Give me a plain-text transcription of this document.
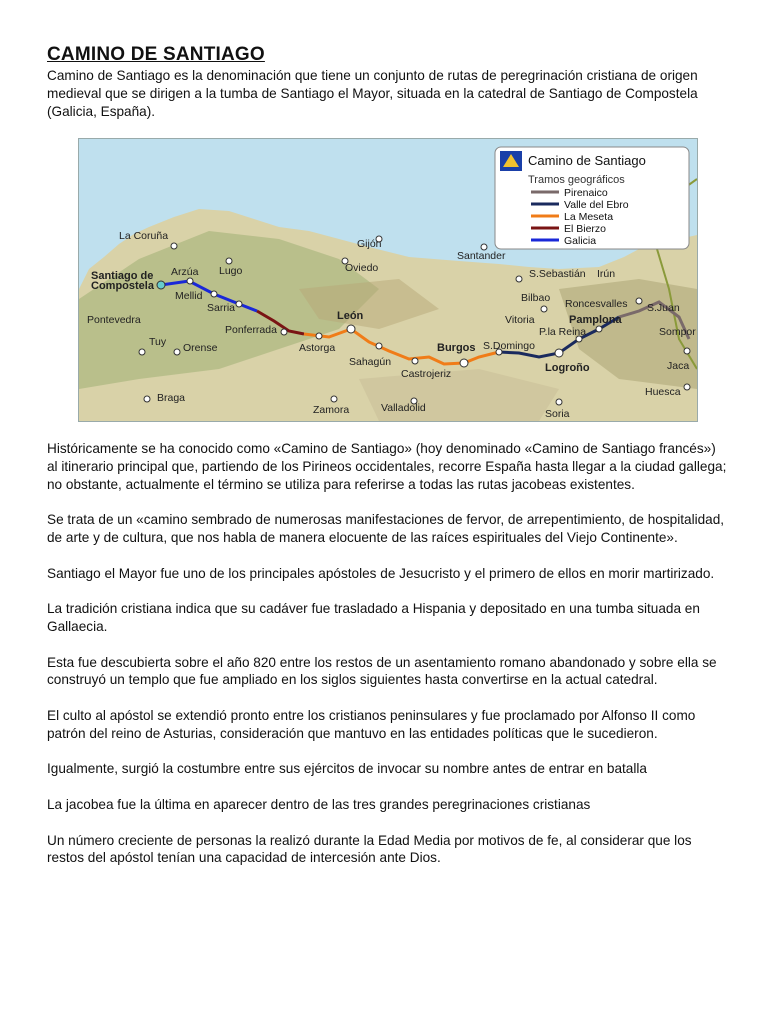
CAMINO DE SANTIAGO

Camino de Santiago es la denominación que tiene un conjunto de rutas de peregrinación cristiana de origen medieval que se dirigen a la tumba de Santiago el Mayor, situada en la catedral de Santiago de Compostela (Galicia, España).

Camino de Santiago
Tramos geográficos
Pirenaico
Valle del Ebro
La Meseta
El Bierzo
Galicia
La Coruña
Gijón
Santander
S.Sebastián Irún
Santiago de
Compostela
Arzúa Lugo	Oviedo
Bilbao Roncesvalles S.Juan
Mellid
Sarria
Pontevedra
Ponferrada
León	Vitoria	Pamplona
P.la Reina	Sompor
Tuy Orense	Astorga	Burgos S.Domingo
Logroño	Jaca
Sahagún
Castrojeriz
Huesca
Braga
Zamora	Valladolid	Soria

Históricamente se ha conocido como «Camino de Santiago» (hoy denominado «Camino de Santiago francés») al itinerario principal que, partiendo de los Pirineos occidentales, recorre España hasta llegar a la ciudad gallega; no obstante, actualmente el término se utiliza para referirse a todas las rutas jacobeas existentes.

Se trata de un «camino sembrado de numerosas manifestaciones de fervor, de arrepentimiento, de hospitalidad, de arte y de cultura, que nos habla de manera elocuente de las raíces espirituales del Viejo Continente».

Santiago el Mayor fue uno de los principales apóstoles de Jesucristo y el primero de ellos en morir martirizado.

La tradición cristiana indica que su cadáver fue trasladado a Hispania y depositado en una tumba situada en Gallaecia.

Esta fue descubierta sobre el año 820 entre los restos de un asentamiento romano abandonado y sobre ella se construyó un templo que fue ampliado en los siglos siguientes hasta convertirse en la actual catedral.

El culto al apóstol se extendió pronto entre los cristianos peninsulares y fue proclamado por Alfonso II como patrón del reino de Asturias, consideración que mantuvo en las entidades políticas que le sucedieron.

Igualmente, surgió la costumbre entre sus ejércitos de invocar su nombre antes de entrar en batalla

La jacobea fue la última en aparecer dentro de las tres grandes peregrinaciones cristianas

Un número creciente de personas la realizó durante la Edad Media por motivos de fe, al considerar que los restos del apóstol tenían una capacidad de intercesión ante Dios.
